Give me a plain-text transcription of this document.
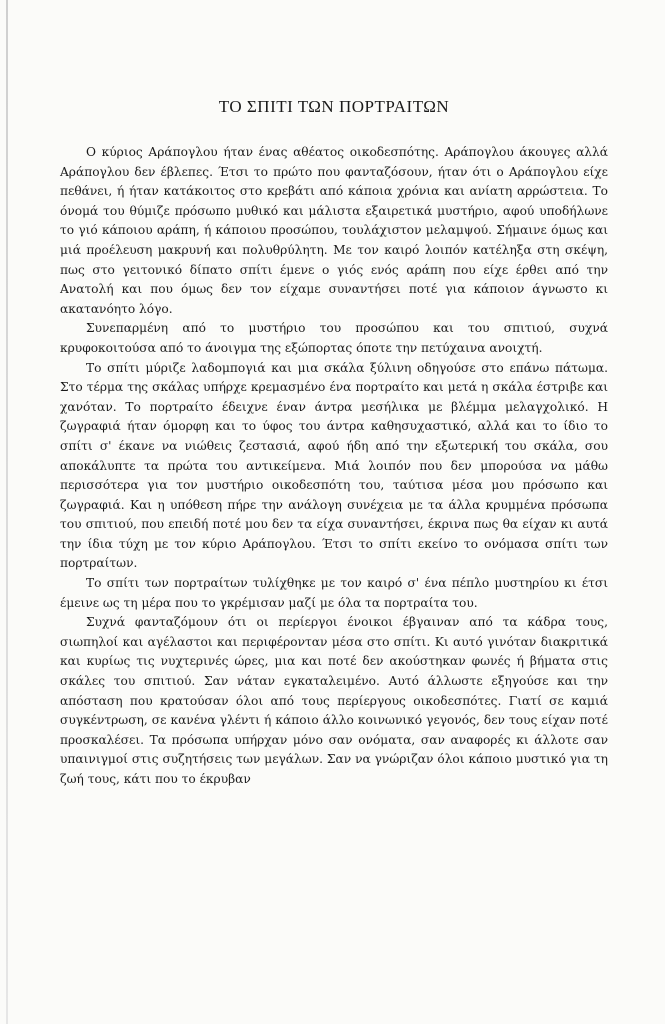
ΤΟ ΣΠΙΤΙ ΤΩΝ ΠΟΡΤΡΑΙΤΩΝ

Ο κύριος Αράπογλου ήταν ένας αθέατος οικοδεσπότης. Αράπογλου άκουγες αλλά Αράπογλου δεν έβλεπες. Έτσι το πρώτο που φανταζόσουν, ήταν ότι ο Αράπογλου είχε πεθάνει, ή ήταν κατάκοιτος στο κρεβάτι από κάποια χρόνια και ανίατη αρρώστεια. Το όνομά του θύμιζε πρόσωπο μυθικό και μάλιστα εξαιρετικά μυστήριο, αφού υποδήλωνε το γιό κάποιου αράπη, ή κάποιου προσώπου, τουλάχιστον μελαμψού. Σήμαινε όμως και μιά προέλευση μακρυνή και πολυθρύλητη. Με τον καιρό λοιπόν κατέληξα στη σκέψη, πως στο γειτονικό δίπατο σπίτι έμενε ο γιός ενός αράπη που είχε έρθει από την Ανατολή και που όμως δεν τον είχαμε συναντήσει ποτέ για κάποιον άγνωστο κι ακατανόητο λόγο.

Συνεπαρμένη από το μυστήριο του προσώπου και του σπιτιού, συχνά κρυφοκοιτούσα από το άνοιγμα της εξώπορτας όποτε την πετύχαινα ανοιχτή.

Το σπίτι μύριζε λαδομπογιά και μια σκάλα ξύλινη οδηγούσε στο επάνω πάτωμα. Στο τέρμα της σκάλας υπήρχε κρεμασμένο ένα πορτραίτο και μετά η σκάλα έστριβε και χανόταν. Το πορτραίτο έδειχνε έναν άντρα μεσήλικα με βλέμμα μελαγχολικό. Η ζωγραφιά ήταν όμορφη και το ύφος του άντρα καθησυχαστικό, αλλά και το ίδιο το σπίτι σ' έκανε να νιώθεις ζεστασιά, αφού ήδη από την εξωτερική του σκάλα, σου αποκάλυπτε τα πρώτα του αντικείμενα. Μιά λοιπόν που δεν μπορούσα να μάθω περισσότερα για τον μυστήριο οικοδεσπότη του, ταύτισα μέσα μου πρόσωπο και ζωγραφιά. Και η υπόθεση πήρε την ανάλογη συνέχεια με τα άλλα κρυμμένα πρόσωπα του σπιτιού, που επειδή ποτέ μου δεν τα είχα συναντήσει, έκρινα πως θα είχαν κι αυτά την ίδια τύχη με τον κύριο Αράπογλου. Έτσι το σπίτι εκείνο το ονόμασα σπίτι των πορτραίτων.

Το σπίτι των πορτραίτων τυλίχθηκε με τον καιρό σ' ένα πέπλο μυστηρίου κι έτσι έμεινε ως τη μέρα που το γκρέμισαν μαζί με όλα τα πορτραίτα του.

Συχνά φανταζόμουν ότι οι περίεργοι ένοικοι έβγαιναν από τα κάδρα τους, σιωπηλοί και αγέλαστοι και περιφέρονταν μέσα στο σπίτι. Κι αυτό γινόταν διακριτικά και κυρίως τις νυχτερινές ώρες, μια και ποτέ δεν ακούστηκαν φωνές ή βήματα στις σκάλες του σπιτιού. Σαν νάταν εγκαταλειμένο. Αυτό άλλωστε εξηγούσε και την απόσταση που κρατούσαν όλοι από τους περίεργους οικοδεσπότες. Γιατί σε καμιά συγκέντρωση, σε κανένα γλέντι ή κάποιο άλλο κοινωνικό γεγονός, δεν τους είχαν ποτέ προσκαλέσει. Τα πρόσωπα υπήρχαν μόνο σαν ονόματα, σαν αναφορές κι άλλοτε σαν υπαινιγμοί στις συζητήσεις των μεγάλων. Σαν να γνώριζαν όλοι κάποιο μυστικό για τη ζωή τους, κάτι που το έκρυβαν
